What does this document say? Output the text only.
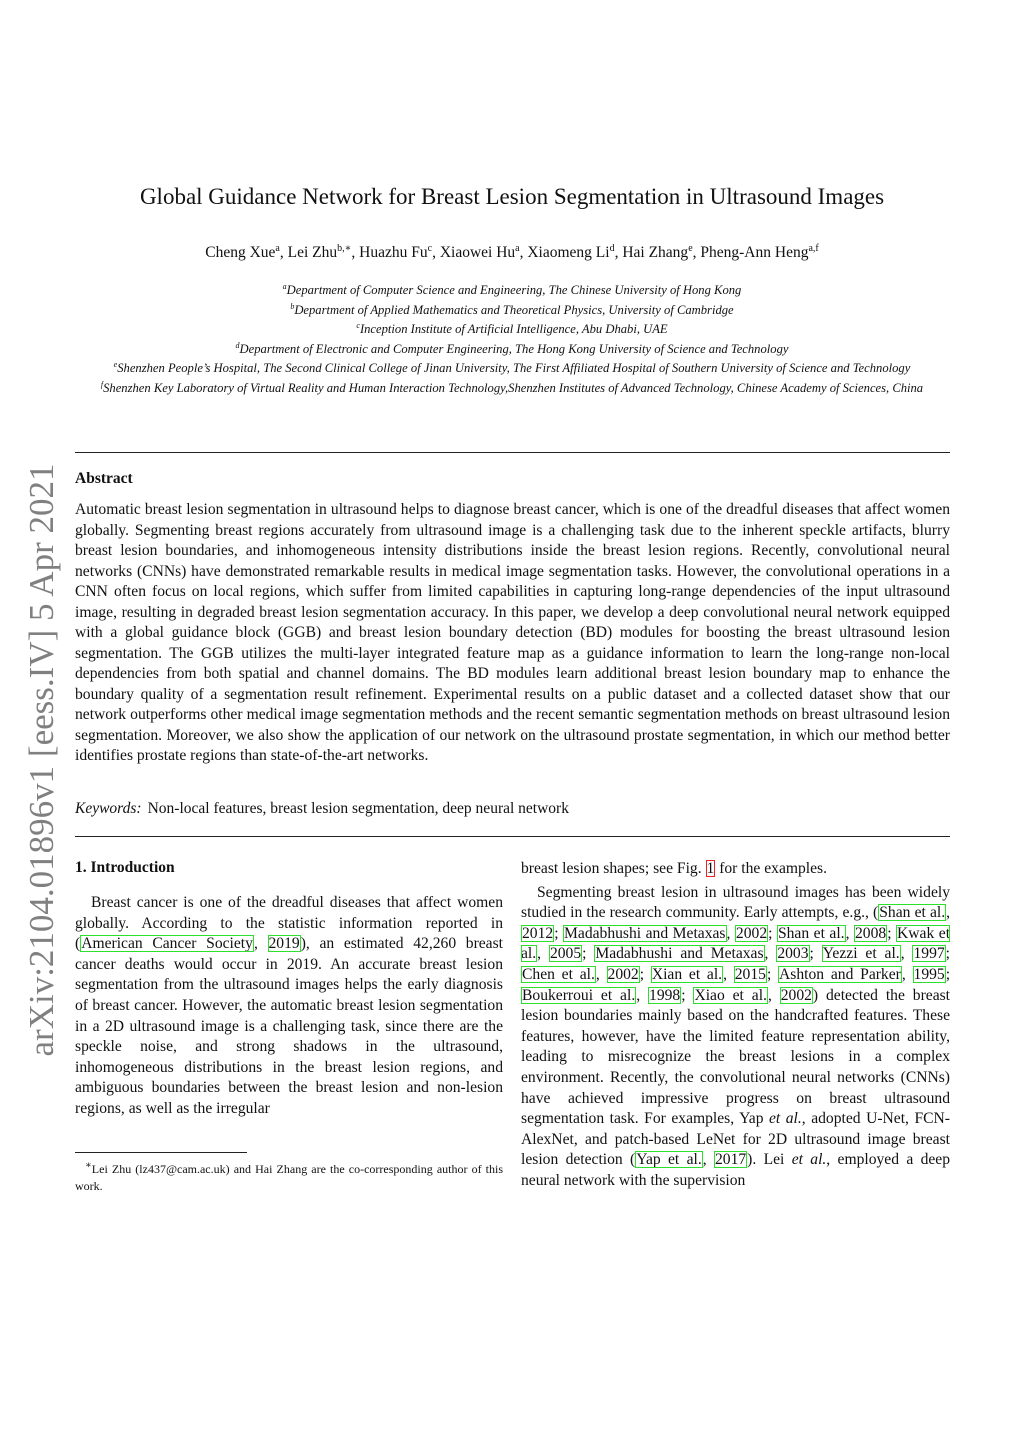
arXiv:2104.01896v1 [eess.IV] 5 Apr 2021
Global Guidance Network for Breast Lesion Segmentation in Ultrasound Images
Cheng Xue$^a$, Lei Zhu$^{b,∗}$, Huazhu Fu$^c$, Xiaowei Hu$^a$, Xiaomeng Li$^d$, Hai Zhang$^e$, Pheng-Ann Heng$^{a,f}$
$^a$Department of Computer Science and Engineering, The Chinese University of Hong Kong
$^b$Department of Applied Mathematics and Theoretical Physics, University of Cambridge
$^c$Inception Institute of Artificial Intelligence, Abu Dhabi, UAE
$^d$Department of Electronic and Computer Engineering, The Hong Kong University of Science and Technology
$^e$Shenzhen People’s Hospital, The Second Clinical College of Jinan University, The First Affiliated Hospital of Southern University of Science and Technology
$^f$Shenzhen Key Laboratory of Virtual Reality and Human Interaction Technology,Shenzhen Institutes of Advanced Technology, Chinese Academy of Sciences, China
Abstract
Automatic breast lesion segmentation in ultrasound helps to diagnose breast cancer, which is one of the dreadful diseases that affect women globally. Segmenting breast regions accurately from ultrasound image is a challenging task due to the inherent speckle artifacts, blurry breast lesion boundaries, and inhomogeneous intensity distributions inside the breast lesion regions. Recently, convolutional neural networks (CNNs) have demonstrated remarkable results in medical image segmentation tasks. However, the convolutional operations in a CNN often focus on local regions, which suffer from limited capabilities in capturing long-range dependencies of the input ultrasound image, resulting in degraded breast lesion segmentation accuracy. In this paper, we develop a deep convolutional neural network equipped with a global guidance block (GGB) and breast lesion boundary detection (BD) modules for boosting the breast ultrasound lesion segmentation. The GGB utilizes the multi-layer integrated feature map as a guidance information to learn the long-range non-local dependencies from both spatial and channel domains. The BD modules learn additional breast lesion boundary map to enhance the boundary quality of a segmentation result refinement. Experimental results on a public dataset and a collected dataset show that our network outperforms other medical image segmentation methods and the recent semantic segmentation methods on breast ultrasound lesion segmentation. Moreover, we also show the application of our network on the ultrasound prostate segmentation, in which our method better identifies prostate regions than state-of-the-art networks.
Keywords: Non-local features, breast lesion segmentation, deep neural network
1. Introduction

Breast cancer is one of the dreadful diseases that affect women globally. According to the statistic information reported in (American Cancer Society, 2019), an estimated 42,260 breast cancer deaths would occur in 2019. An accurate breast lesion segmentation from the ultrasound images helps the early diagnosis of breast cancer. However, the automatic breast lesion segmentation in a 2D ultrasound image is a challenging task, since there are the speckle noise, and strong shadows in the ultrasound, inhomogeneous distributions in the breast lesion regions, and ambiguous boundaries between the breast lesion and non-lesion regions, as well as the irregular

breast lesion shapes; see Fig. 1 for the examples.

Segmenting breast lesion in ultrasound images has been widely studied in the research community. Early attempts, e.g., (Shan et al., 2012; Madabhushi and Metaxas, 2002; Shan et al., 2008; Kwak et al., 2005; Madabhushi and Metaxas, 2003; Yezzi et al., 1997; Chen et al., 2002; Xian et al., 2015; Ashton and Parker, 1995; Boukerroui et al., 1998; Xiao et al., 2002) detected the breast lesion boundaries mainly based on the handcrafted features. These features, however, have the limited feature representation ability, leading to misrecognize the breast lesions in a complex environment. Recently, the convolutional neural networks (CNNs) have achieved impressive progress on breast ultrasound segmentation task. For examples, Yap et al., adopted U-Net, FCN-AlexNet, and patch-based LeNet for 2D ultrasound image breast lesion detection (Yap et al., 2017). Lei et al., employed a deep neural network with the supervision

∗Lei Zhu (lz437@cam.ac.uk) and Hai Zhang are the co-corresponding author of this work.
